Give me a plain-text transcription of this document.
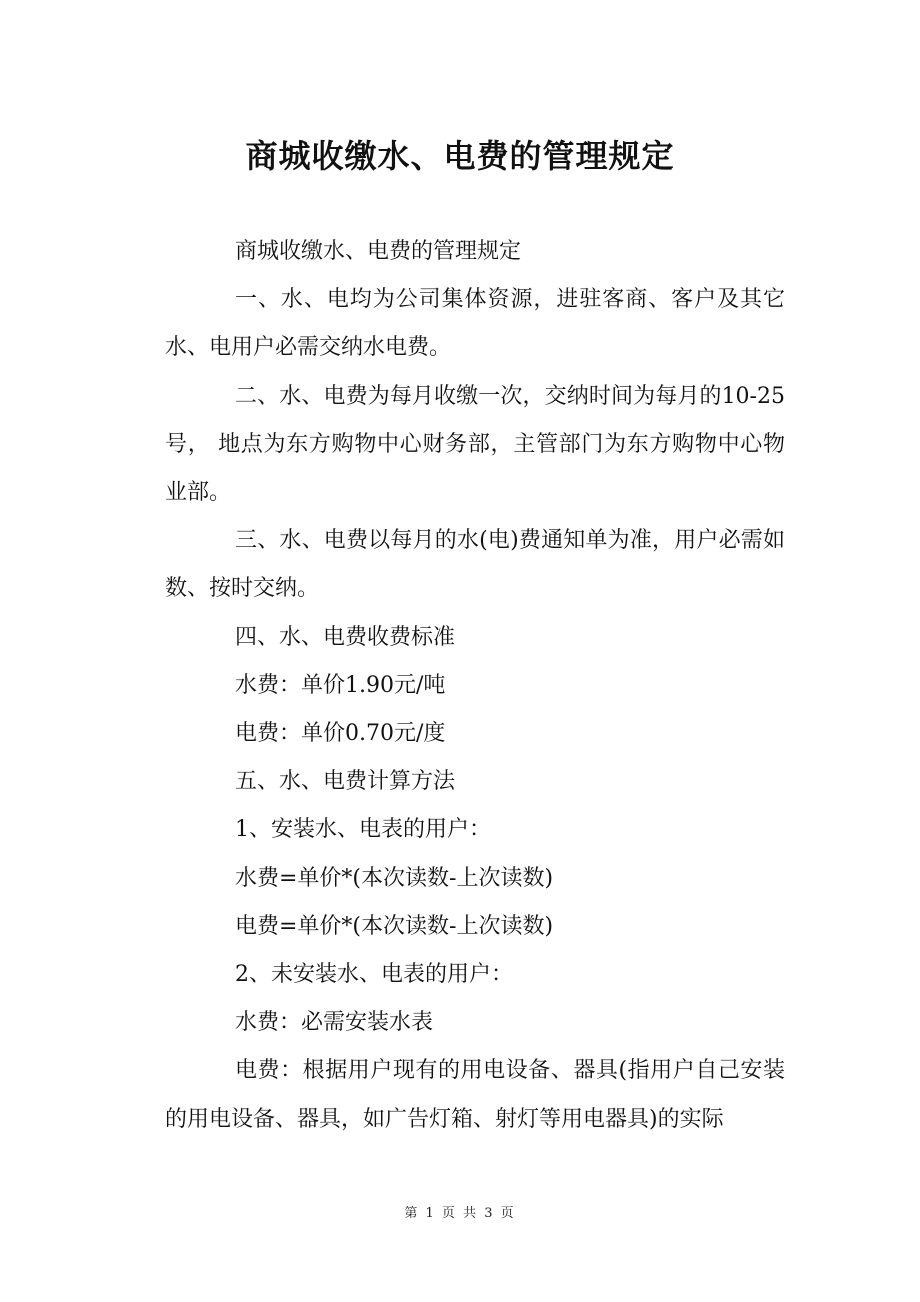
商城收缴水、电费的管理规定

商城收缴水、电费的管理规定

一、水、电均为公司集体资源，进驻客商、客户及其它水、电用户必需交纳水电费。

二、水、电费为每月收缴一次，交纳时间为每月的10-25号， 地点为东方购物中心财务部，主管部门为东方购物中心物业部。

三、水、电费以每月的水(电)费通知单为准，用户必需如数、按时交纳。

四、水、电费收费标准

水费：单价1.90元/吨

电费：单价0.70元/度

五、水、电费计算方法

1、安装水、电表的用户：

水费=单价*(本次读数-上次读数)

电费=单价*(本次读数-上次读数)

2、未安装水、电表的用户：

水费：必需安装水表

电费：根据用户现有的用电设备、器具(指用户自己安装的用电设备、器具，如广告灯箱、射灯等用电器具)的实际

第 1 页 共 3 页
